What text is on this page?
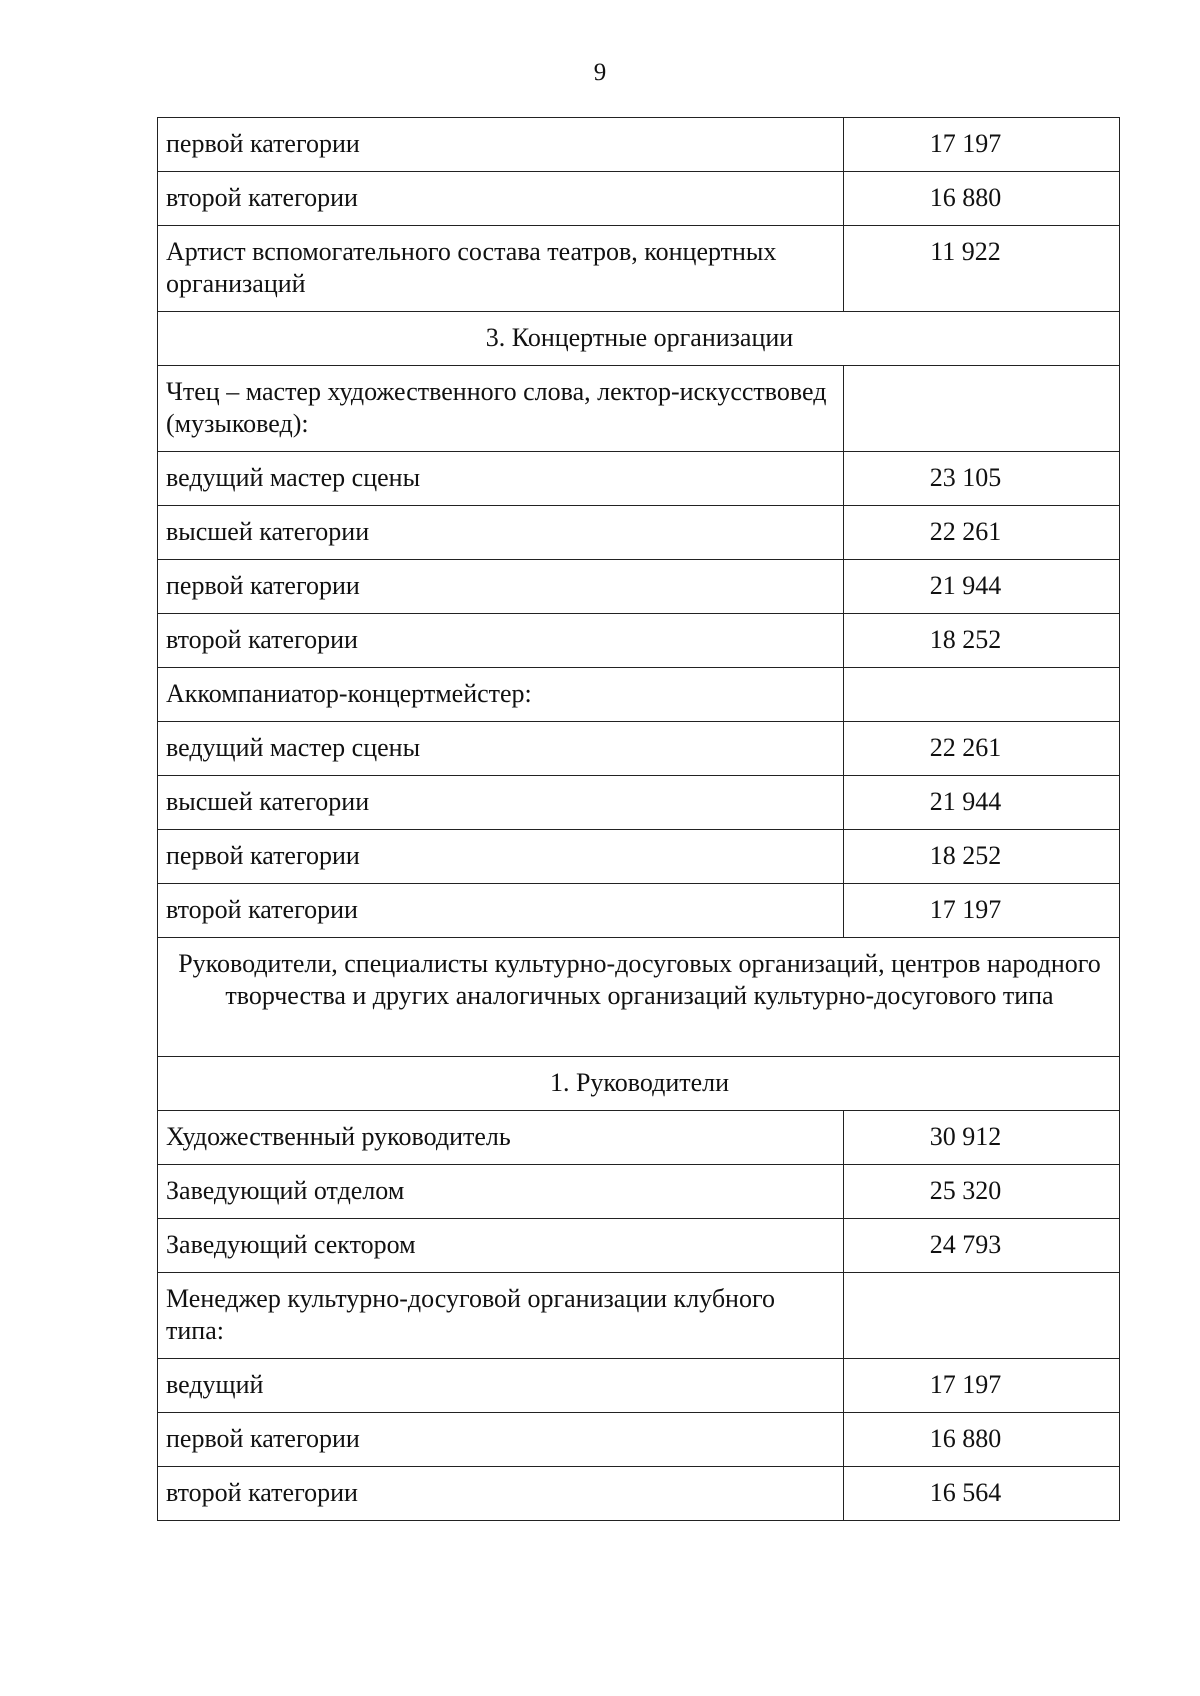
9
первой категории	17 197
второй категории	16 880
Артист вспомогательного состава театров, концертных организаций	11 922
3. Концертные организации	
Чтец – мастер художественного слова, лектор-искусствовед (музыковед):	
ведущий мастер сцены	23 105
высшей категории	22 261
первой категории	21 944
второй категории	18 252
Аккомпаниатор-концертмейстер:	
ведущий мастер сцены	22 261
высшей категории	21 944
первой категории	18 252
второй категории	17 197
Руководители, специалисты культурно-досуговых организаций, центров народного творчества и других аналогичных организаций культурно-досугового типа	
1. Руководители	
Художественный руководитель	30 912
Заведующий отделом	25 320
Заведующий сектором	24 793
Менеджер культурно-досуговой организации клубного типа:	
ведущий	17 197
первой категории	16 880
второй категории	16 564
